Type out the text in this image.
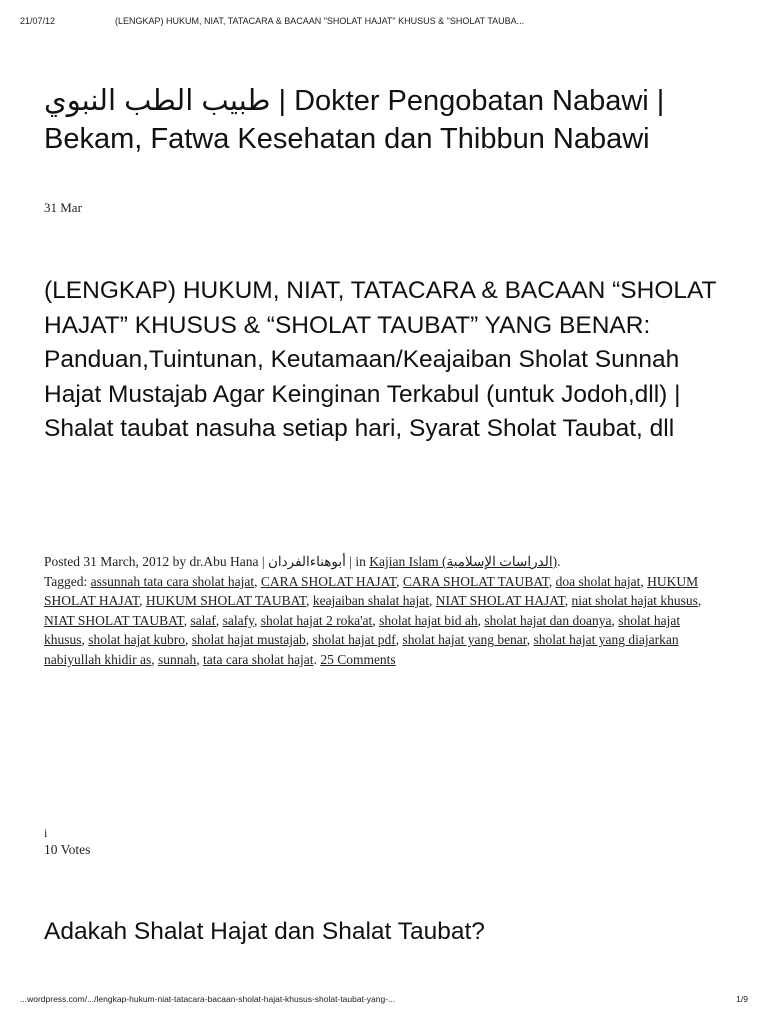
21/07/12	(LENGKAP) HUKUM, NIAT, TATACARA & BACAAN "SHOLAT HAJAT" KHUSUS & "SHOLAT TAUBA...
طبيب الطب النبوي | Dokter Pengobatan Nabawi | Bekam, Fatwa Kesehatan dan Thibbun Nabawi
31 Mar
(LENGKAP) HUKUM, NIAT, TATACARA & BACAAN “SHOLAT HAJAT” KHUSUS & “SHOLAT TAUBAT” YANG BENAR: Panduan,Tuintunan, Keutamaan/Keajaiban Sholat Sunnah Hajat Mustajab Agar Keinginan Terkabul (untuk Jodoh,dll) | Shalat taubat nasuha setiap hari, Syarat Sholat Taubat, dll
Posted 31 March, 2012 by dr.Abu Hana | أبوهناءالفردان | in Kajian Islam (الدراسات الإسلامية).
Tagged: assunnah tata cara sholat hajat, CARA SHOLAT HAJAT, CARA SHOLAT TAUBAT, doa sholat hajat, HUKUM SHOLAT HAJAT, HUKUM SHOLAT TAUBAT, keajaiban shalat hajat, NIAT SHOLAT HAJAT, niat sholat hajat khusus, NIAT SHOLAT TAUBAT, salaf, salafy, sholat hajat 2 roka'at, sholat hajat bid ah, sholat hajat dan doanya, sholat hajat khusus, sholat hajat kubro, sholat hajat mustajab, sholat hajat pdf, sholat hajat yang benar, sholat hajat yang diajarkan nabiyullah khidir as, sunnah, tata cara sholat hajat. 25 Comments
i
10 Votes
Adakah Shalat Hajat dan Shalat Taubat?
...wordpress.com/.../lengkap-hukum-niat-tatacara-bacaan-sholat-hajat-khusus-sholat-taubat-yang-...	1/9
